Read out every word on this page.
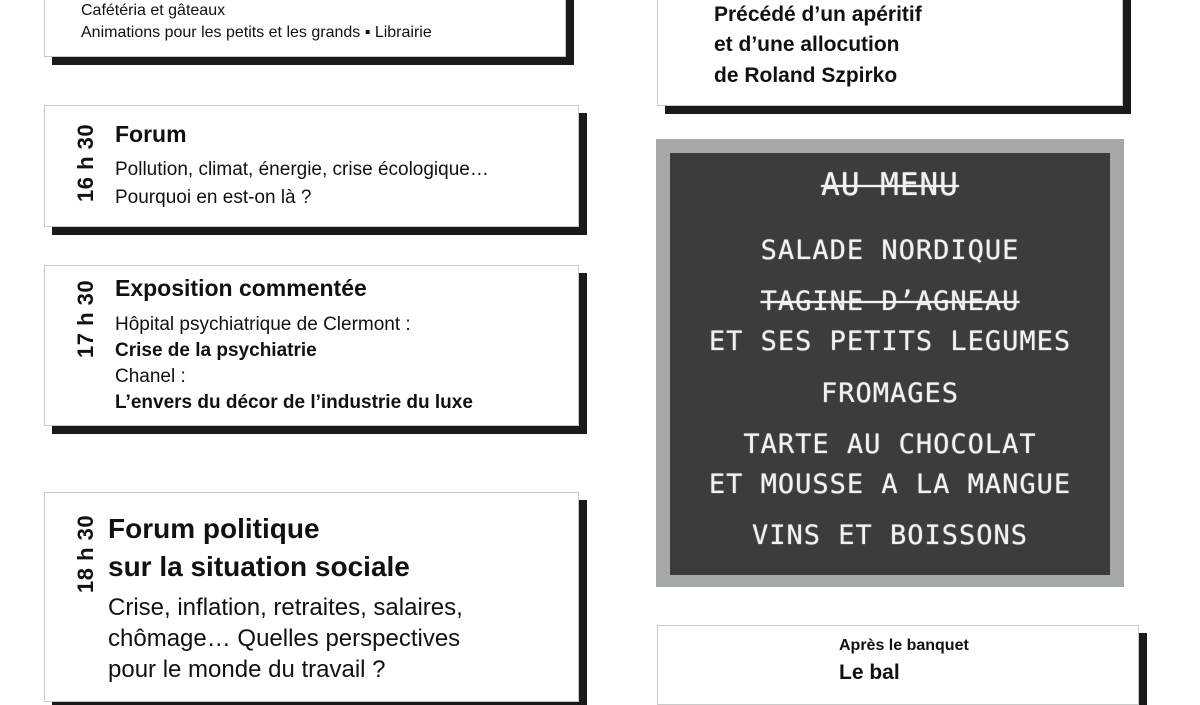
Cafétéria et gâteaux
Animations pour les petits et les grands ▪ Librairie
Précédé d’un apéritif
et d’une allocution
de Roland Szpirko
16 h 30 Forum
Pollution, climat, énergie, crise écologique…
Pourquoi en est-on là ?
17 h 30 Exposition commentée
Hôpital psychiatrique de Clermont :
Crise de la psychiatrie
Chanel :
L’envers du décor de l’industrie du luxe
18 h 30 Forum politique
sur la situation sociale
Crise, inflation, retraites, salaires,
chômage… Quelles perspectives
pour le monde du travail ?
AU MENU
SALADE NORDIQUE
TAGINE D’AGNEAU
ET SES PETITS LEGUMES
FROMAGES
TARTE AU CHOCOLAT
ET MOUSSE A LA MANGUE
VINS ET BOISSONS
Après le banquet
Le bal
